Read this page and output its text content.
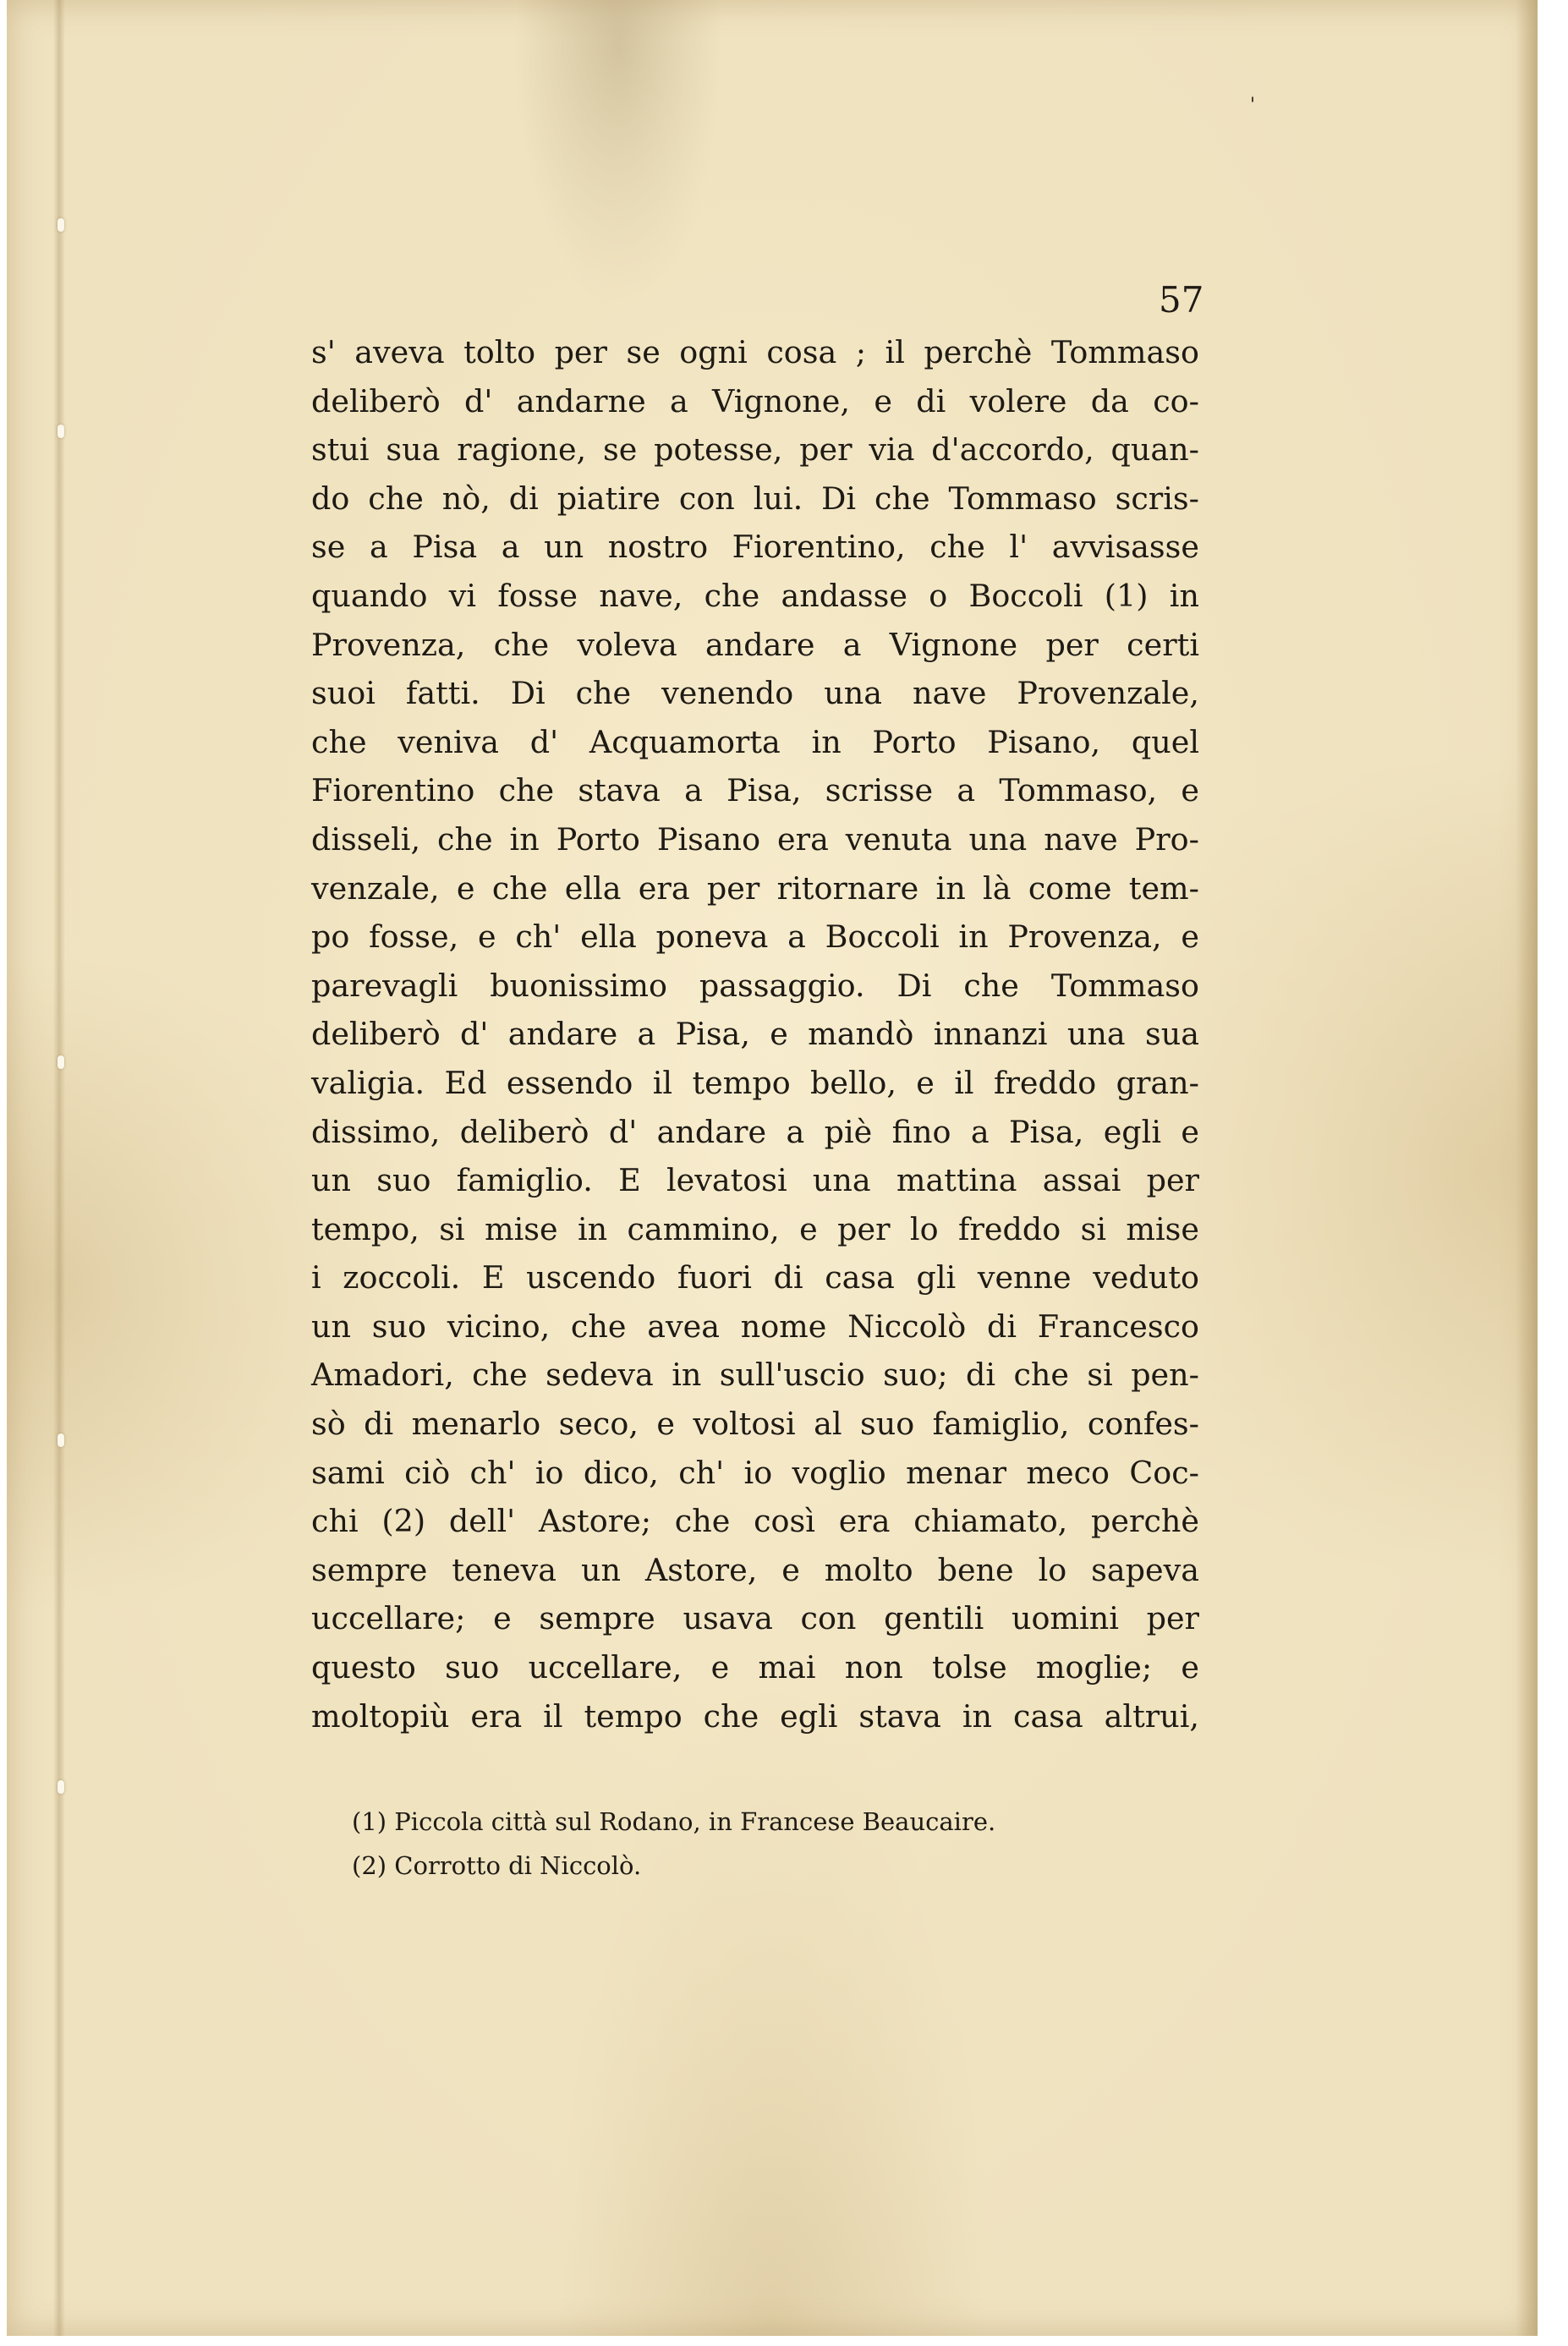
'
57
s' aveva tolto per se ogni cosa ; il perchè Tommaso
deliberò d' andarne a Vignone, e di volere da co-
stui sua ragione, se potesse, per via d'accordo, quan-
do che nò, di piatire con lui. Di che Tommaso scris-
se a Pisa a un nostro Fiorentino, che l' avvisasse
quando vi fosse nave, che andasse o Boccoli (1) in
Provenza, che voleva andare a Vignone per certi
suoi fatti. Di che venendo una nave Provenzale,
che veniva d' Acquamorta in Porto Pisano, quel
Fiorentino che stava a Pisa, scrisse a Tommaso, e
disseli, che in Porto Pisano era venuta una nave Pro-
venzale, e che ella era per ritornare in là come tem-
po fosse, e ch' ella poneva a Boccoli in Provenza, e
parevagli buonissimo passaggio. Di che Tommaso
deliberò d' andare a Pisa, e mandò innanzi una sua
valigia. Ed essendo il tempo bello, e il freddo gran-
dissimo, deliberò d' andare a piè fino a Pisa, egli e
un suo famiglio. E levatosi una mattina assai per
tempo, si mise in cammino, e per lo freddo si mise
i zoccoli. E uscendo fuori di casa gli venne veduto
un suo vicino, che avea nome Niccolò di Francesco
Amadori, che sedeva in sull'uscio suo; di che si pen-
sò di menarlo seco, e voltosi al suo famiglio, confes-
sami ciò ch' io dico, ch' io voglio menar meco Coc-
chi (2) dell' Astore; che così era chiamato, perchè
sempre teneva un Astore, e molto bene lo sapeva
uccellare; e sempre usava con gentili uomini per
questo suo uccellare, e mai non tolse moglie; e
moltopiù era il tempo che egli stava in casa altrui,
(1) Piccola città sul Rodano, in Francese Beaucaire.
(2) Corrotto di Niccolò.
